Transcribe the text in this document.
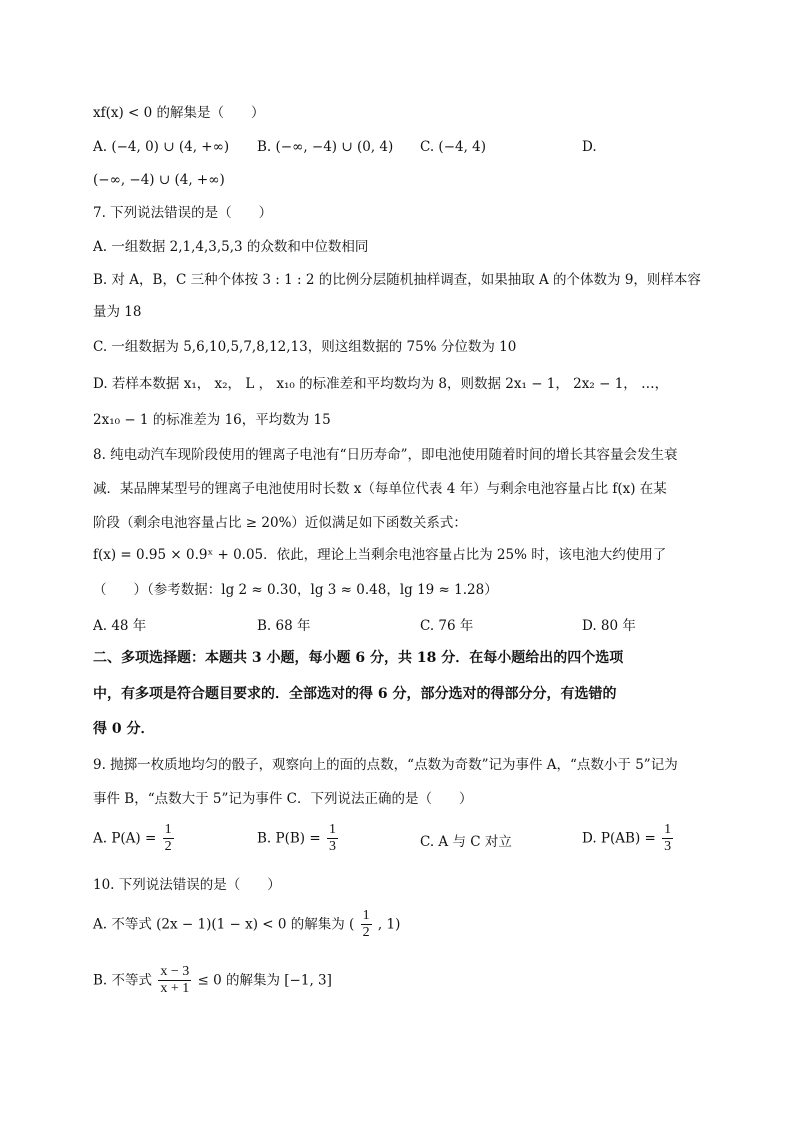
xf(x) < 0 的解集是（　　）
A. (−4, 0) ∪ (4, +∞) B. (−∞, −4) ∪ (0, 4) C. (−4, 4)	D.
(−∞, −4) ∪ (4, +∞)
7. 下列说法错误的是（　　）
A. 一组数据 2,1,4,3,5,3 的众数和中位数相同
B. 对 A，B，C 三种个体按 3 : 1 : 2 的比例分层随机抽样调查，如果抽取 A 的个体数为 9，则样本容
量为 18
C. 一组数据为 5,6,10,5,7,8,12,13，则这组数据的 75% 分位数为 10
D. 若样本数据 x₁， x₂， L ， x₁₀ 的标准差和平均数均为 8，则数据 2x₁ − 1， 2x₂ − 1， …，
2x₁₀ − 1 的标准差为 16，平均数为 15
8. 纯电动汽车现阶段使用的锂离子电池有“日历寿命”，即电池使用随着时间的增长其容量会发生衰
减．某品牌某型号的锂离子电池使用时长数 x（每单位代表 4 年）与剩余电池容量占比 f(x) 在某
阶段（剩余电池容量占比 ≥ 20%）近似满足如下函数关系式：
f(x) = 0.95 × 0.9ˣ + 0.05．依此，理论上当剩余电池容量占比为 25% 时，该电池大约使用了
（　　）（参考数据：lg 2 ≈ 0.30，lg 3 ≈ 0.48，lg 19 ≈ 1.28）
A. 48 年	B. 68 年	C. 76 年	D. 80 年
二、多项选择题：本题共 3 小题，每小题 6 分，共 18 分．在每小题给出的四个选项
中，有多项是符合题目要求的．全部选对的得 6 分，部分选对的得部分分，有选错的
得 0 分．
9. 抛掷一枚质地均匀的骰子，观察向上的面的点数，“点数为奇数”记为事件 A，“点数小于 5”记为
事件 B，“点数大于 5”记为事件 C．下列说法正确的是（　　）
A. $P(A) = \frac{1}{2}$	B. $P(B) = \frac{1}{3}$	C. A 与 C 对立	D. $P(AB) = \frac{1}{3}$
10. 下列说法错误的是（　　）
A. 不等式 (2x − 1)(1 − x) < 0 的解集为 ( $\frac{1}{2}$ , 1)
B. 不等式 $\frac{x - 3}{x + 1} \le 0$ 的解集为 [−1, 3]
